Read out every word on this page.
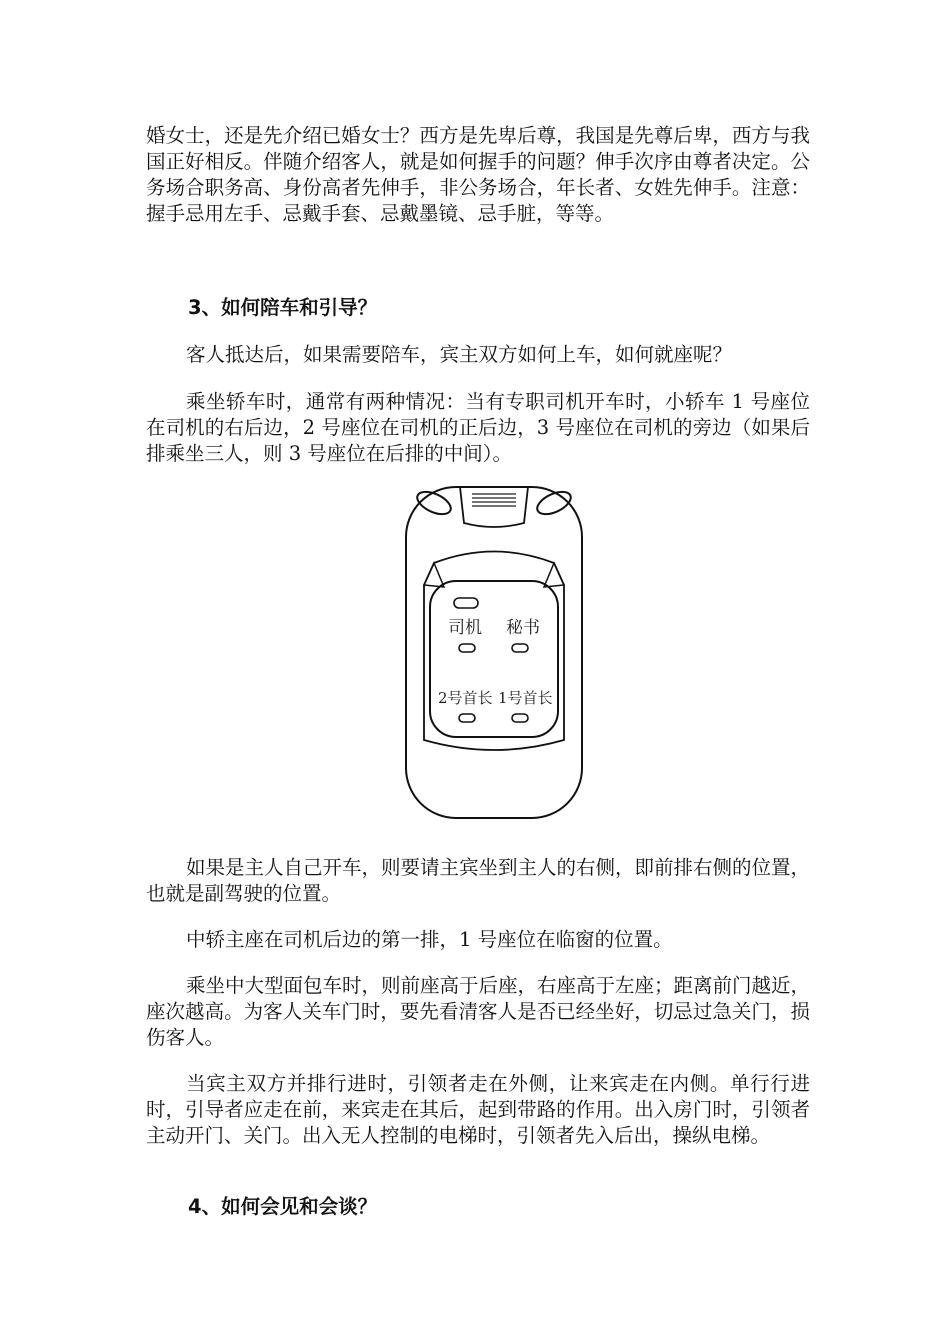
婚女士，还是先介绍已婚女士？西方是先卑后尊，我国是先尊后卑，西方与我国正好相反。伴随介绍客人，就是如何握手的问题？伸手次序由尊者决定。公务场合职务高、身份高者先伸手，非公务场合，年长者、女姓先伸手。注意：握手忌用左手、忌戴手套、忌戴墨镜、忌手脏，等等。

3、如何陪车和引导？

客人抵达后，如果需要陪车，宾主双方如何上车，如何就座呢？

乘坐轿车时，通常有两种情况：当有专职司机开车时，小轿车 1 号座位在司机的右后边，2 号座位在司机的正后边，3 号座位在司机的旁边（如果后排乘坐三人，则 3 号座位在后排的中间）。

司机 秘书
2号首长 1号首长

如果是主人自己开车，则要请主宾坐到主人的右侧，即前排右侧的位置，也就是副驾驶的位置。

中轿主座在司机后边的第一排，1 号座位在临窗的位置。

乘坐中大型面包车时，则前座高于后座，右座高于左座；距离前门越近，座次越高。为客人关车门时，要先看清客人是否已经坐好，切忌过急关门，损伤客人。

当宾主双方并排行进时，引领者走在外侧，让来宾走在内侧。单行行进时，引导者应走在前，来宾走在其后，起到带路的作用。出入房门时，引领者主动开门、关门。出入无人控制的电梯时，引领者先入后出，操纵电梯。

4、如何会见和会谈？
